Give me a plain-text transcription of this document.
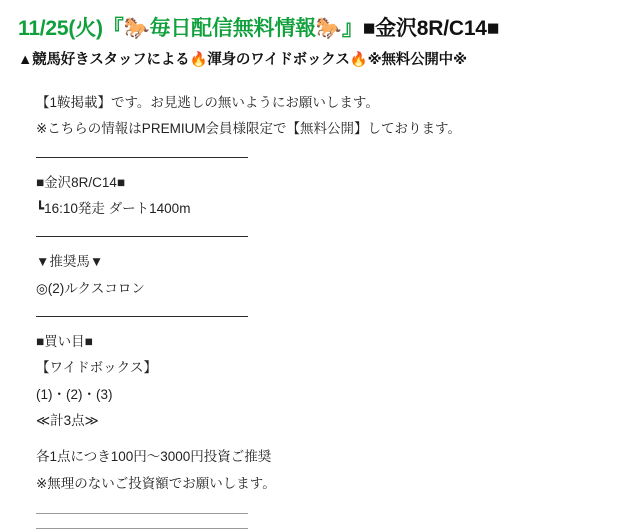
11/25(火)『🐎毎日配信無料情報🐎』■金沢8R/C14■
▲競馬好きスタッフによる🔥渾身のワイドボックス🔥※無料公開中※
【1鞍掲載】です。お見逃しの無いようにお願いします。
※こちらの情報はPREMIUM会員様限定で【無料公開】しております。
■金沢8R/C14■
┗16:10発走 ダート1400m
▼推奨馬▼
◎(2)ルクスコロン
■買い目■
【ワイドボックス】
(1)・(2)・(3)
≪計3点≫
各1点につき100円〜3000円投資ご推奨
※無理のないご投資額でお願いします。
